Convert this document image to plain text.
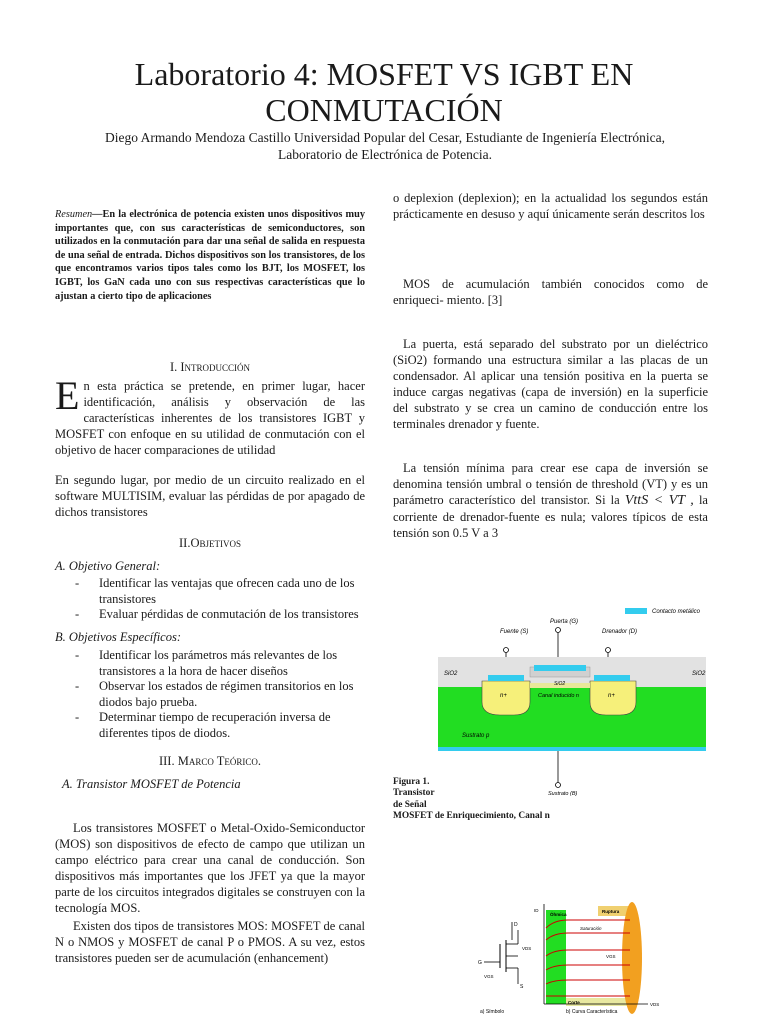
Laboratorio 4: MOSFET VS IGBT EN CONMUTACIÓN
Diego Armando Mendoza Castillo Universidad Popular del Cesar, Estudiante de Ingeniería Electrónica, Laboratorio de Electrónica de Potencia.
Resumen—En la electrónica de potencia existen unos dispositivos muy importantes que, con sus características de semiconductores, son utilizados en la conmutación para dar una señal de salida en respuesta de una señal de entrada. Dichos dispositivos son los transistores, de los que encontramos varios tipos tales como los BJT, los MOSFET, los IGBT, los GaN cada uno con sus respectivas características que lo ajustan a cierto tipo de aplicaciones
I. Introducción
En esta práctica se pretende, en primer lugar, hacer identificación, análisis y observación de las características inherentes de los transistores IGBT y MOSFET con enfoque en su utilidad de conmutación con el objetivo de hacer comparaciones de utilidad
En segundo lugar, por medio de un circuito realizado en el software MULTISIM, evaluar las pérdidas de por apagado de dichos transistores
II.Objetivos
A. Objetivo General:
- Identificar las ventajas que ofrecen cada uno de los transistores
- Evaluar pérdidas de conmutación de los transistores
B. Objetivos Específicos:
- Identificar los parámetros más relevantes de los transistores a la hora de hacer diseños
- Observar los estados de régimen transitorios en los diodos bajo prueba.
- Determinar tiempo de recuperación inversa de diferentes tipos de diodos.
III. Marco Teórico.
A. Transistor MOSFET de Potencia
Los transistores MOSFET o Metal-Oxido-Semiconductor (MOS) son dispositivos de efecto de campo que utilizan un campo eléctrico para crear una canal de conducción. Son dispositivos más importantes que los JFET ya que la mayor parte de los circuitos integrados digitales se construyen con la tecnología MOS.
Existen dos tipos de transistores MOS: MOSFET de canal N o NMOS y MOSFET de canal P o PMOS. A su vez, estos transistores pueden ser de acumulación (enhancement)
o deplexion (deplexion); en la actualidad los segundos están prácticamente en desuso y aquí únicamente serán descritos los
MOS de acumulación también conocidos como de enriqueci- miento. [3]
La puerta, está separado del substrato por un dieléctrico (SiO2) formando una estructura similar a las placas de un condensador. Al aplicar una tensión positiva en la puerta se induce cargas negativas (capa de inversión) en la superficie del substrato y se crea un camino de conducción entre los terminales drenador y fuente.
La tensión mínima para crear ese capa de inversión se denomina tensión umbral o tensión de threshold (VT) y es un parámetro característico del transistor. Si la VttS < VT , la corriente de drenador-fuente es nula; valores típicos de esta tensión son 0.5 V a 3
Contacto metálico
Fuente (S)
Puerta (G)
Drenador (D)
SiO2
SiO2
SiO2
n+	Canal inducido n	n+
Sustrato p
Sustrato (B)
Figura 1.
Transistor
de Señal
MOSFET de Enriquecimiento, Canal n
D
G
S
VDS
VGS
a) Símbolo
Óhmica
Ruptura
Saturación
Corte
ID
VGS
VDS
b) Curva Característica
